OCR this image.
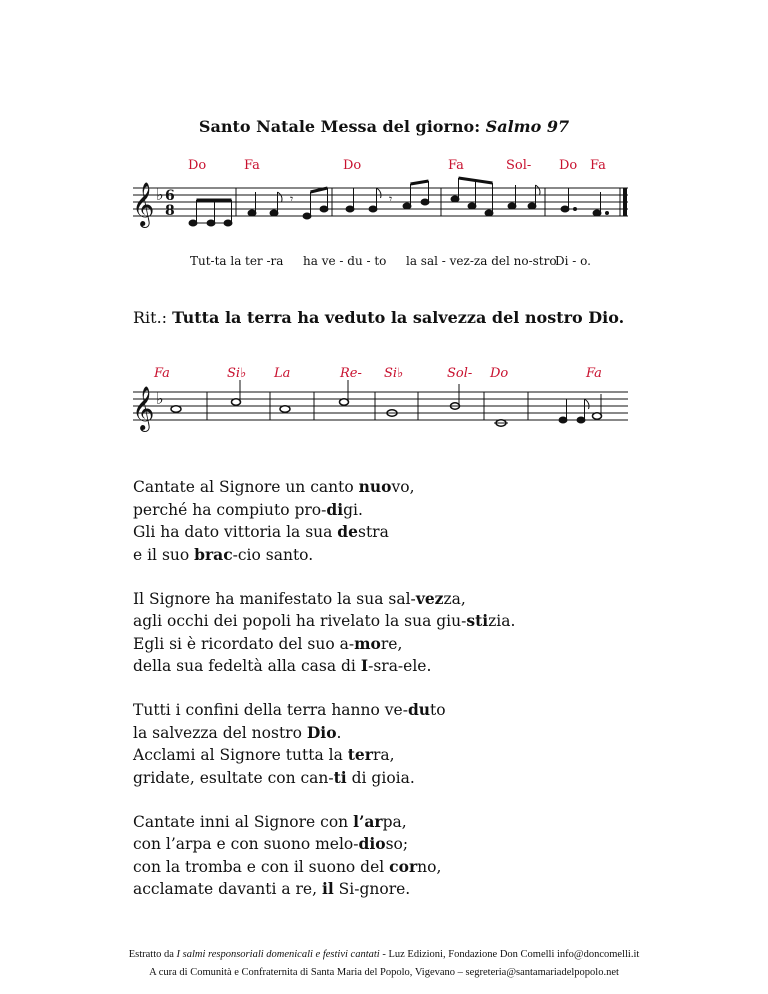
Santo Natale Messa del giorno: Salmo 97
Do	Fa	Do	Fa	Sol- Do Fa
Tut-ta la ter -ra ha ve - du - to la sal - vez-za del no-stro
Di - o.
𝄞 ♭ 6
8
𝄾	𝄾
Rit.: Tutta la terra ha veduto la salvezza del nostro Dio.
Fa	Si♭ La	Re- Si♭	Sol- Do	Fa
𝄞 ♭
Cantate al Signore un canto nuovo,
perché ha compiuto pro-digi.
Gli ha dato vittoria la sua destra
e il suo brac-cio santo.
Il Signore ha manifestato la sua sal-vezza,
agli occhi dei popoli ha rivelato la sua giu-stizia.
Egli si è ricordato del suo a-more,
della sua fedeltà alla casa di I-sra-ele.
Tutti i confini della terra hanno ve-duto
la salvezza del nostro Dio.
Acclami al Signore tutta la terra,
gridate, esultate con can-ti di gioia.
Cantate inni al Signore con l’arpa,
con l’arpa e con suono melo-dioso;
con la tromba e con il suono del corno,
acclamate davanti a re, il Si-gnore.
Estratto da I salmi responsoriali domenicali e festivi cantati - Luz Edizioni, Fondazione Don Comelli info@doncomelli.it
A cura di Comunità e Confraternita di Santa Maria del Popolo, Vigevano – segreteria@santamariadelpopolo.net
